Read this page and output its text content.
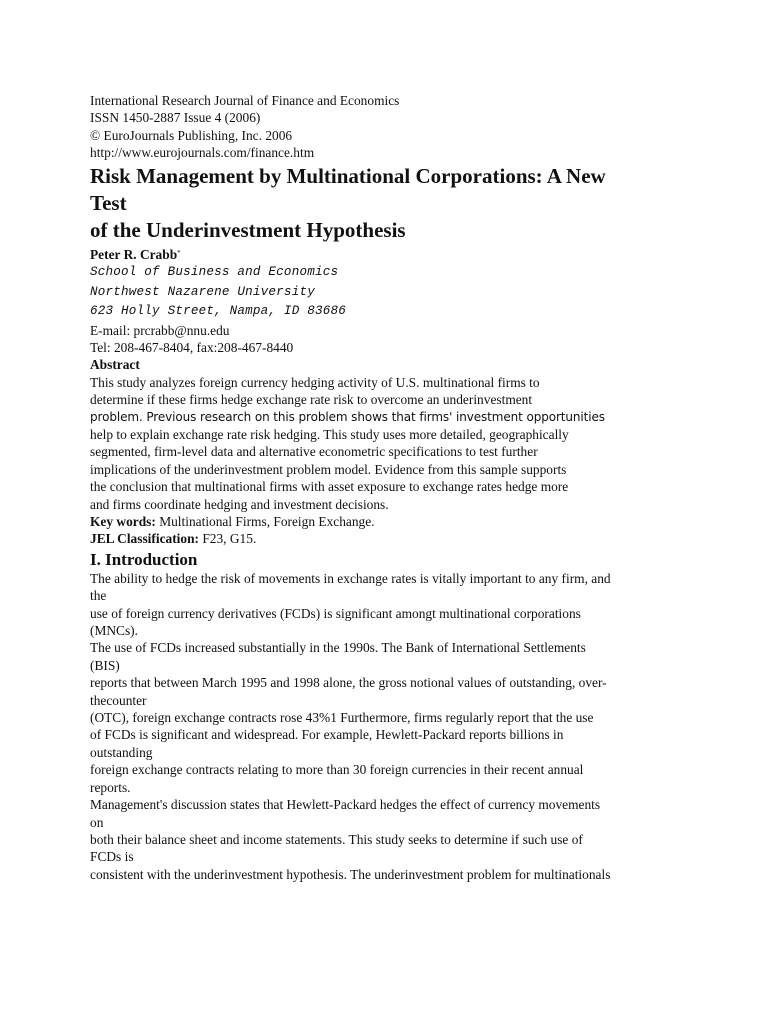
International Research Journal of Finance and Economics
ISSN 1450-2887 Issue 4 (2006)
© EuroJournals Publishing, Inc. 2006
http://www.eurojournals.com/finance.htm
Risk Management by Multinational Corporations: A New
Test
of the Underinvestment Hypothesis
Peter R. Crabb*
School of Business and Economics
Northwest Nazarene University
623 Holly Street, Nampa, ID 83686
E-mail: prcrabb@nnu.edu
Tel: 208-467-8404, fax:208-467-8440
Abstract
This study analyzes foreign currency hedging activity of U.S. multinational firms to
determine if these firms hedge exchange rate risk to overcome an underinvestment
problem. Previous research on this problem shows that firms' investment opportunities
help to explain exchange rate risk hedging. This study uses more detailed, geographically
segmented, firm-level data and alternative econometric specifications to test further
implications of the underinvestment problem model. Evidence from this sample supports
the conclusion that multinational firms with asset exposure to exchange rates hedge more
and firms coordinate hedging and investment decisions.
Key words: Multinational Firms, Foreign Exchange.
JEL Classification: F23, G15.
I. Introduction
The ability to hedge the risk of movements in exchange rates is vitally important to any firm, and
the
use of foreign currency derivatives (FCDs) is significant amongt multinational corporations
(MNCs).
The use of FCDs increased substantially in the 1990s. The Bank of International Settlements
(BIS)
reports that between March 1995 and 1998 alone, the gross notional values of outstanding, over-
thecounter
(OTC), foreign exchange contracts rose 43%1 Furthermore, firms regularly report that the use
of FCDs is significant and widespread. For example, Hewlett-Packard reports billions in
outstanding
foreign exchange contracts relating to more than 30 foreign currencies in their recent annual
reports.
Management's discussion states that Hewlett-Packard hedges the effect of currency movements
on
both their balance sheet and income statements. This study seeks to determine if such use of
FCDs is
consistent with the underinvestment hypothesis. The underinvestment problem for multinationals
